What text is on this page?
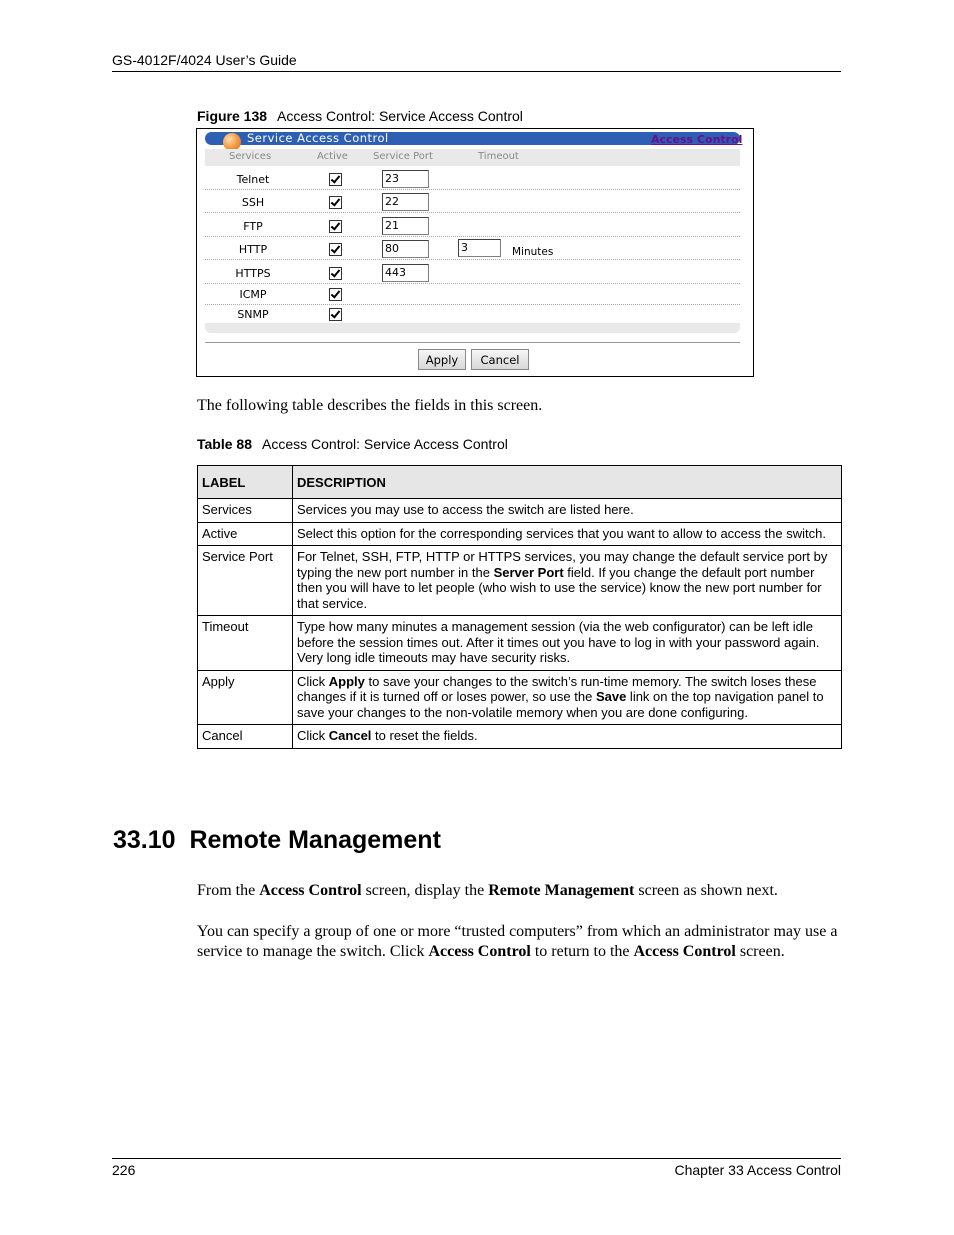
GS-4012F/4024 User’s Guide
Figure 138 Access Control: Service Access Control
Service Access Control	Access Control
Services	Active	Service Port	Timeout
Telnet	23
SSH	22
FTP	21
HTTP	80	3	Minutes
HTTPS	443
ICMP
SNMP
Apply	Cancel
The following table describes the fields in this screen.
Table 88 Access Control: Service Access Control
LABEL	DESCRIPTION
Services	Services you may use to access the switch are listed here.
Active	Select this option for the corresponding services that you want to allow to access the switch.
Service Port	For Telnet, SSH, FTP, HTTP or HTTPS services, you may change the default service port by typing the new port number in the Server Port field. If you change the default port number then you will have to let people (who wish to use the service) know the new port number for that service.
Timeout	Type how many minutes a management session (via the web configurator) can be left idle before the session times out. After it times out you have to log in with your password again. Very long idle timeouts may have security risks.
Apply	Click Apply to save your changes to the switch’s run-time memory. The switch loses these changes if it is turned off or loses power, so use the Save link on the top navigation panel to save your changes to the non-volatile memory when you are done configuring.
Cancel	Click Cancel to reset the fields.
33.10  Remote Management
From the Access Control screen, display the Remote Management screen as shown next.
You can specify a group of one or more “trusted computers” from which an administrator may use a service to manage the switch. Click Access Control to return to the Access Control screen.
226	Chapter 33 Access Control
